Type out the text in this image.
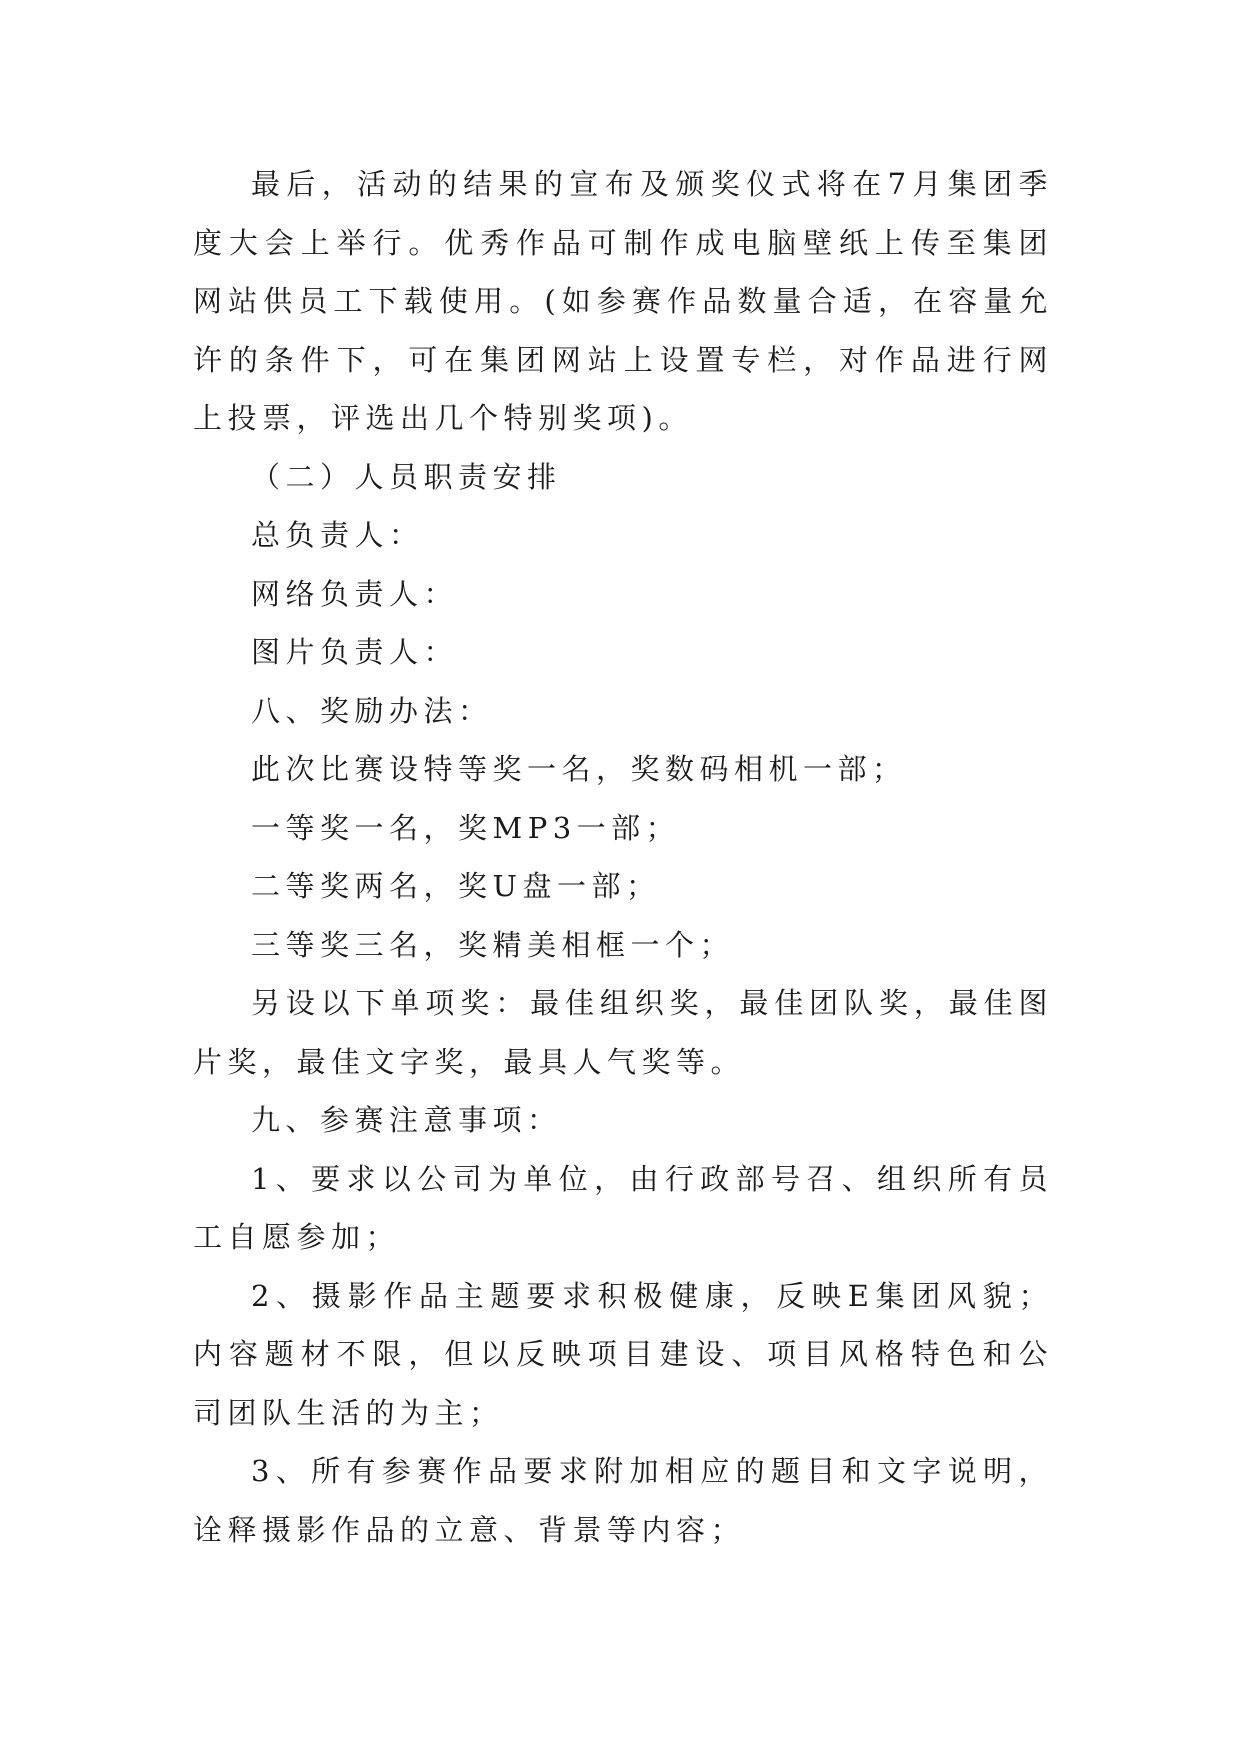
最后，活动的结果的宣布及颁奖仪式将在7月集团季度大会上举行。优秀作品可制作成电脑壁纸上传至集团网站供员工下载使用。(如参赛作品数量合适，在容量允许的条件下，可在集团网站上设置专栏，对作品进行网上投票，评选出几个特别奖项)。

（二）人员职责安排

总负责人：

网络负责人：

图片负责人：

八、奖励办法：

此次比赛设特等奖一名，奖数码相机一部；

一等奖一名，奖MP3一部；

二等奖两名，奖U盘一部；

三等奖三名，奖精美相框一个；

另设以下单项奖：最佳组织奖，最佳团队奖，最佳图片奖，最佳文字奖，最具人气奖等。

九、参赛注意事项：

1、要求以公司为单位，由行政部号召、组织所有员工自愿参加；

2、摄影作品主题要求积极健康，反映E集团风貌；内容题材不限，但以反映项目建设、项目风格特色和公司团队生活的为主；

3、所有参赛作品要求附加相应的题目和文字说明，诠释摄影作品的立意、背景等内容；
